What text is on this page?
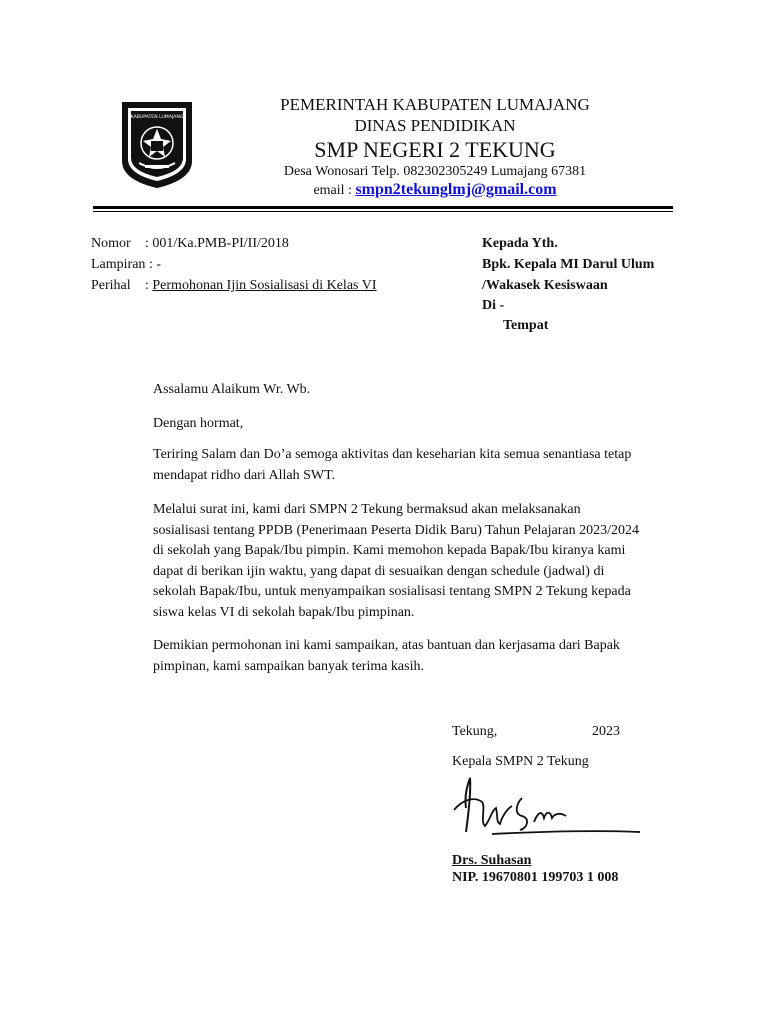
KABUPATEN LUMAJANG
PEMERINTAH KABUPATEN LUMAJANG
DINAS PENDIDIKAN
SMP NEGERI 2 TEKUNG
Desa Wonosari Telp. 082302305249 Lumajang 67381
email : smpn2tekunglmj@gmail.com
Nomor : 001/Ka.PMB-PI/II/2018
Lampiran : -
Perihal : Permohonan Ijin Sosialisasi di Kelas VI
Kepada Yth.
Bpk. Kepala MI Darul Ulum
/Wakasek Kesiswaan
Di -
Tempat
Assalamu Alaikum Wr. Wb.
Dengan hormat,
Teriring Salam dan Do’a semoga aktivitas dan keseharian kita semua senantiasa tetap
mendapat ridho dari Allah SWT.
Melalui surat ini, kami dari SMPN 2 Tekung bermaksud akan melaksanakan
sosialisasi tentang PPDB (Penerimaan Peserta Didik Baru) Tahun Pelajaran 2023/2024
di sekolah yang Bapak/Ibu pimpin. Kami memohon kepada Bapak/Ibu kiranya kami
dapat di berikan ijin waktu, yang dapat di sesuaikan dengan schedule (jadwal) di
sekolah Bapak/Ibu, untuk menyampaikan sosialisasi tentang SMPN 2 Tekung kepada
siswa kelas VI di sekolah bapak/Ibu pimpinan.
Demikian permohonan ini kami sampaikan, atas bantuan dan kerjasama dari Bapak
pimpinan, kami sampaikan banyak terima kasih.
Tekung,	2023
Kepala SMPN 2 Tekung
Drs. Suhasan
NIP. 19670801 199703 1 008
